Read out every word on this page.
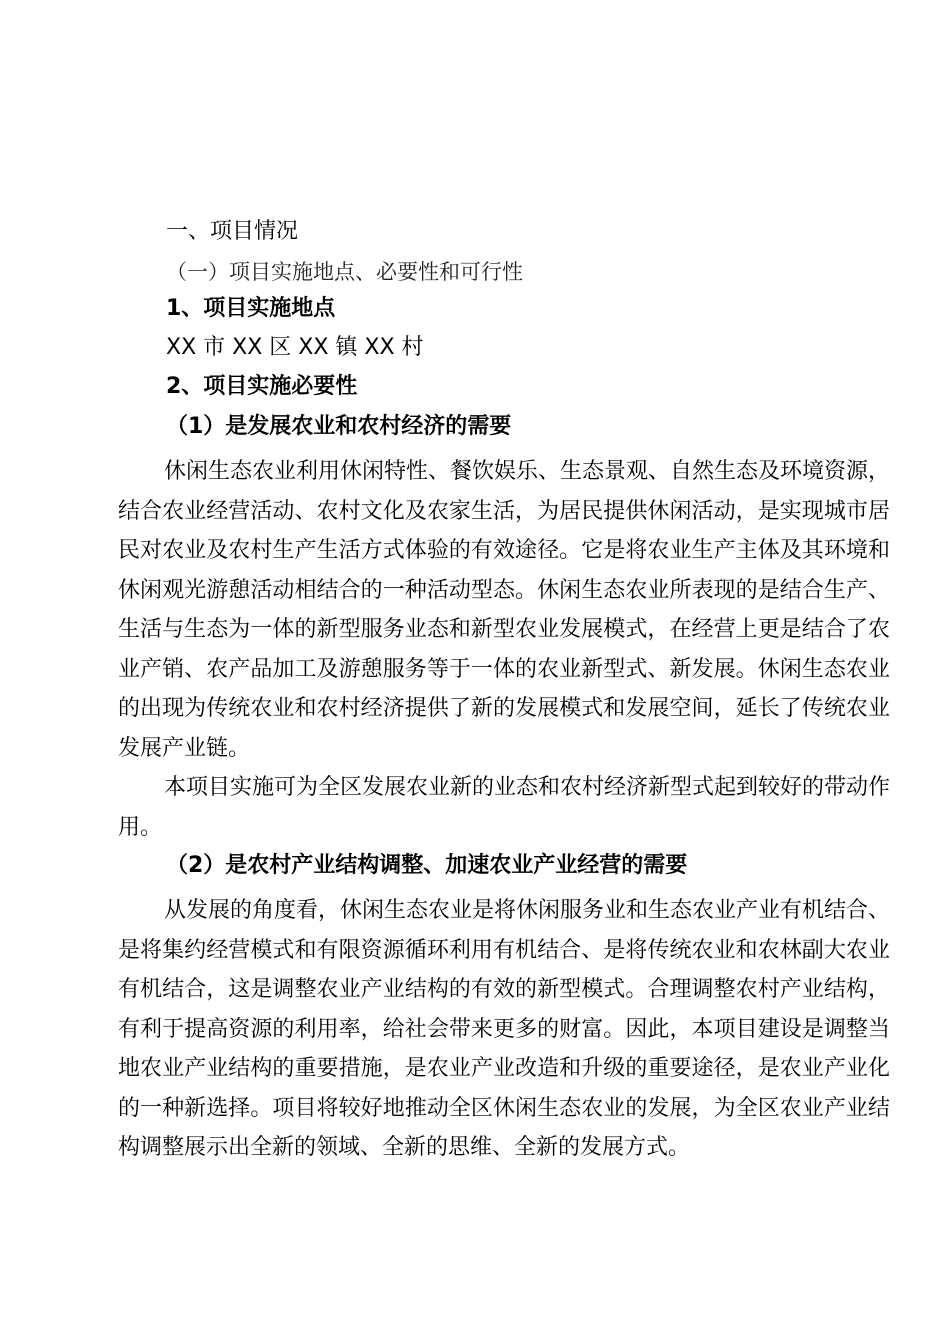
一、项目情况
（一）项目实施地点、必要性和可行性
1、项目实施地点
XX 市 XX 区 XX 镇 XX 村
2、项目实施必要性
（1）是发展农业和农村经济的需要

休闲生态农业利用休闲特性、餐饮娱乐、生态景观、自然生态及环境资源，结合农业经营活动、农村文化及农家生活，为居民提供休闲活动，是实现城市居民对农业及农村生产生活方式体验的有效途径。它是将农业生产主体及其环境和休闲观光游憩活动相结合的一种活动型态。休闲生态农业所表现的是结合生产、生活与生态为一体的新型服务业态和新型农业发展模式，在经营上更是结合了农业产销、农产品加工及游憩服务等于一体的农业新型式、新发展。休闲生态农业的出现为传统农业和农村经济提供了新的发展模式和发展空间，延长了传统农业发展产业链。

本项目实施可为全区发展农业新的业态和农村经济新型式起到较好的带动作用。

（2）是农村产业结构调整、加速农业产业经营的需要

从发展的角度看，休闲生态农业是将休闲服务业和生态农业产业有机结合、是将集约经营模式和有限资源循环利用有机结合、是将传统农业和农林副大农业有机结合，这是调整农业产业结构的有效的新型模式。合理调整农村产业结构，有利于提高资源的利用率，给社会带来更多的财富。因此，本项目建设是调整当地农业产业结构的重要措施，是农业产业改造和升级的重要途径，是农业产业化的一种新选择。项目将较好地推动全区休闲生态农业的发展，为全区农业产业结构调整展示出全新的领域、全新的思维、全新的发展方式。
